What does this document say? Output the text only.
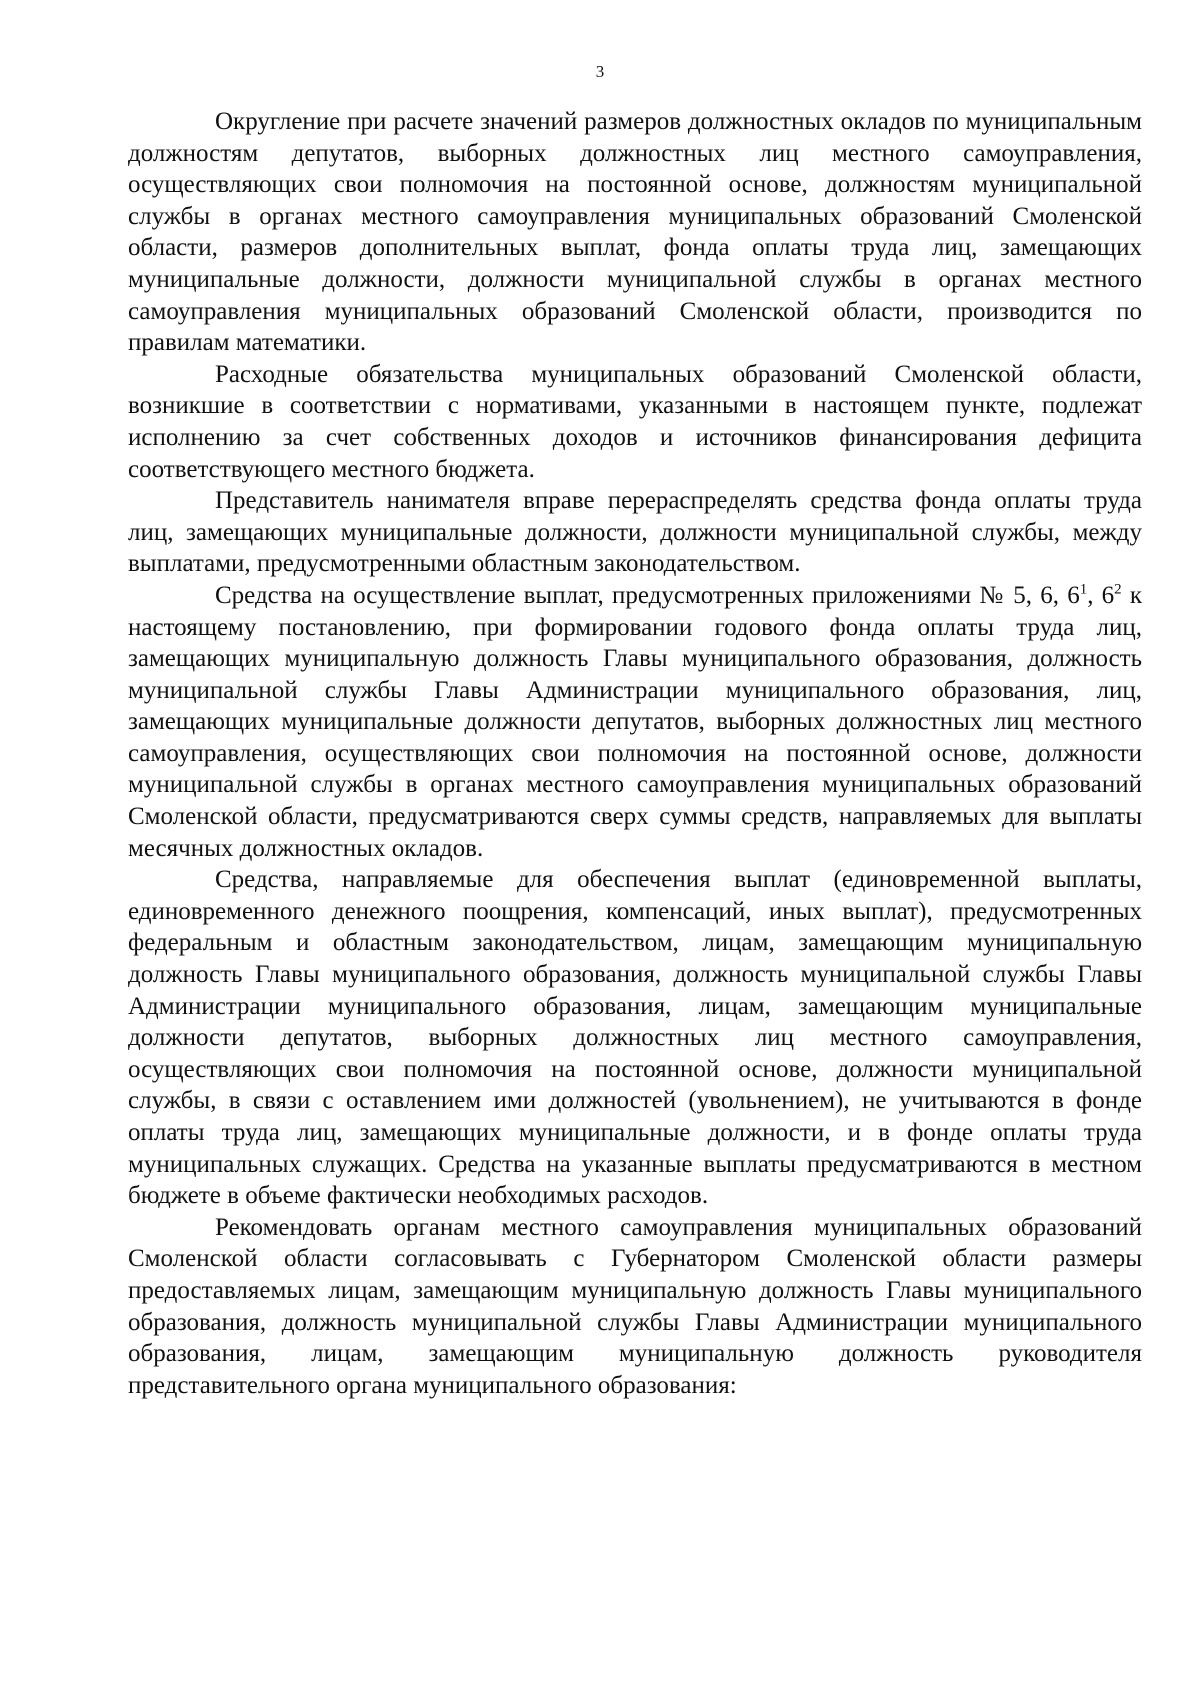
3

Округление при расчете значений размеров должностных окладов по муниципальным должностям депутатов, выборных должностных лиц местного самоуправления, осуществляющих свои полномочия на постоянной основе, должностям муниципальной службы в органах местного самоуправления муниципальных образований Смоленской области, размеров дополнительных выплат, фонда оплаты труда лиц, замещающих муниципальные должности, должности муниципальной службы в органах местного самоуправления муниципальных образований Смоленской области, производится по правилам математики.

Расходные обязательства муниципальных образований Смоленской области, возникшие в соответствии с нормативами, указанными в настоящем пункте, подлежат исполнению за счет собственных доходов и источников финансирования дефицита соответствующего местного бюджета.

Представитель нанимателя вправе перераспределять средства фонда оплаты труда лиц, замещающих муниципальные должности, должности муниципальной службы, между выплатами, предусмотренными областным законодательством.

Средства на осуществление выплат, предусмотренных приложениями № 5, 6, $6^1$, $6^2$ к настоящему постановлению, при формировании годового фонда оплаты труда лиц, замещающих муниципальную должность Главы муниципального образования, должность муниципальной службы Главы Администрации муниципального образования, лиц, замещающих муниципальные должности депутатов, выборных должностных лиц местного самоуправления, осуществляющих свои полномочия на постоянной основе, должности муниципальной службы в органах местного самоуправления муниципальных образований Смоленской области, предусматриваются сверх суммы средств, направляемых для выплаты месячных должностных окладов.

Средства, направляемые для обеспечения выплат (единовременной выплаты, единовременного денежного поощрения, компенсаций, иных выплат), предусмотренных федеральным и областным законодательством, лицам, замещающим муниципальную должность Главы муниципального образования, должность муниципальной службы Главы Администрации муниципального образования, лицам, замещающим муниципальные должности депутатов, выборных должностных лиц местного самоуправления, осуществляющих свои полномочия на постоянной основе, должности муниципальной службы, в связи с оставлением ими должностей (увольнением), не учитываются в фонде оплаты труда лиц, замещающих муниципальные должности, и в фонде оплаты труда муниципальных служащих. Средства на указанные выплаты предусматриваются в местном бюджете в объеме фактически необходимых расходов.

Рекомендовать органам местного самоуправления муниципальных образований Смоленской области согласовывать с Губернатором Смоленской области размеры предоставляемых лицам, замещающим муниципальную должность Главы муниципального образования, должность муниципальной службы Главы Администрации муниципального образования, лицам, замещающим муниципальную должность руководителя представительного органа муниципального образования:
